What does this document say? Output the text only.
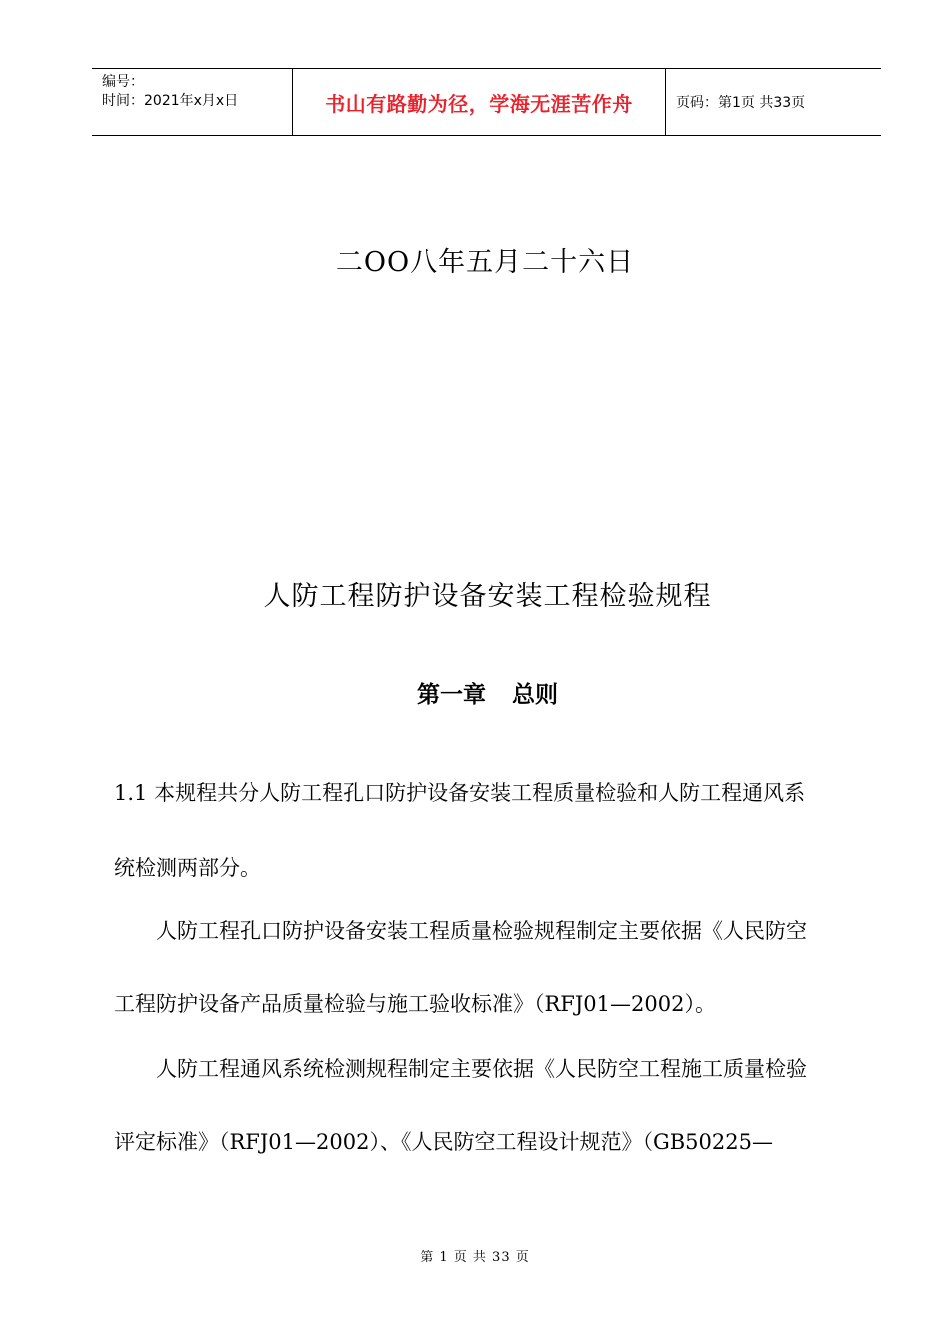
编号：
时间：2021年x月x日	书山有路勤为径，学海无涯苦作舟	页码：第1页 共33页
二OO八年五月二十六日
人防工程防护设备安装工程检验规程
第一章 总则
1.1 本规程共分人防工程孔口防护设备安装工程质量检验和人防工程通风系
统检测两部分。
　　人防工程孔口防护设备安装工程质量检验规程制定主要依据《人民防空
工程防护设备产品质量检验与施工验收标准》（RFJ01—2002）。
　　人防工程通风系统检测规程制定主要依据《人民防空工程施工质量检验
评定标准》（RFJ01—2002）、《人民防空工程设计规范》（GB50225—
第 1 页 共 33 页
